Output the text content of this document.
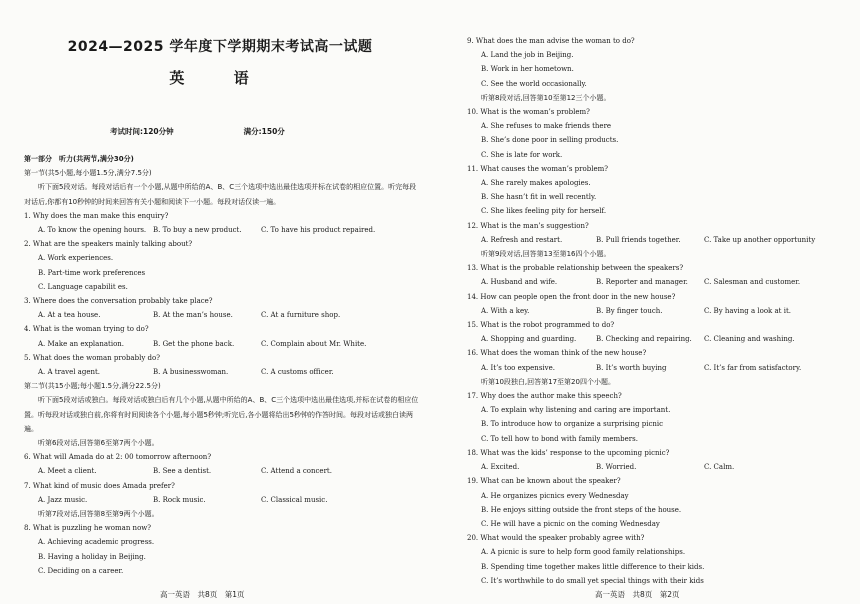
2024—2025 学年度下学期期末考试高一试题
英 语
考试时间:120分钟	满分:150分
第一部分　听力(共两节,满分30分)
第一节(共5小题,每小题1.5分,满分7.5分)
听下面5段对话。每段对话后有一个小题,从题中所给的A、B、C三个选项中选出最佳选项并标在试卷的相应位置。听完每段对话后,你都有10秒钟的时间来回答有关小题和阅读下一小题。每段对话仅读一遍。
1. Why does the man make this enquiry?
A. To know the opening hours. B. To buy a new product.	C. To have his product repaired.
2. What are the speakers mainly talking about?
A. Work experiences.
B. Part-time work preferences
C. Language capabilit es.
3. Where does the conversation probably take place?
A. At a tea house.	B. At the man’s house.	C. At a furniture shop.
4. What is the woman trying to do?
A. Make an explanation.	B. Get the phone back.	C. Complain about Mr. White.
5. What does the woman probably do?
A. A travel agent.	B. A businesswoman.	C. A customs officer.
第二节(共15小题;每小题1.5分,满分22.5分)
听下面5段对话或独白。每段对话或独白后有几个小题,从题中所给的A、B、C三个选项中选出最佳选项,并标在试卷的相应位置。听每段对话或独白前,你将有时间阅读各个小题,每小题5秒钟;听完后,各小题将给出5秒钟的作答时间。每段对话或独白读两遍。
听第6段对话,回答第6至第7两个小题。
6. What will Amada do at 2: 00 tomorrow afternoon?
A. Meet a client.	B. See a dentist.	C. Attend a concert.
7. What kind of music does Amada prefer?
A. Jazz music.	B. Rock music.	C. Classical music.
听第7段对话,回答第8至第9两个小题。
8. What is puzzling he woman now?
A. Achieving academic progress.
B. Having a holiday in Beijing.
C. Deciding on a career.
高一英语　共8页　第1页
9. What does the man advise the woman to do?
A. Land the job in Beijing.
B. Work in her hometown.
C. See the world occasionally.
听第8段对话,回答第10至第12三个小题。
10. What is the woman’s problem?
A. She refuses to make friends there
B. She’s done poor in selling products.
C. She is late for work.
11. What causes the woman’s problem?
A. She rarely makes apologies.
B. She hasn’t fit in well recently.
C. She likes feeling pity for herself.
12. What is the man’s suggestion?
A. Refresh and restart.	B. Pull friends together.	C. Take up another opportunity
听第9段对话,回答第13至第16四个小题。
13. What is the probable relationship between the speakers?
A. Husband and wife.	B. Reporter and manager.	C. Salesman and customer.
14. How can people open the front door in the new house?
A. With a key.	B. By finger touch.	C. By having a look at it.
15. What is the robot programmed to do?
A. Shopping and guarding.	B. Checking and repairing.	C. Cleaning and washing.
16. What does the woman think of the new house?
A. It’s too expensive.	B. It’s worth buying	C. It’s far from satisfactory.
听第10段独白,回答第17至第20四个小题。
17. Why does the author make this speech?
A. To explain why listening and caring are important.
B. To introduce how to organize a surprising picnic
C. To tell how to bond with family members.
18. What was the kids’ response to the upcoming picnic?
A. Excited.	B. Worried.	C. Calm.
19. What can be known about the speaker?
A. He organizes picnics every Wednesday
B. He enjoys sitting outside the front steps of the house.
C. He will have a picnic on the coming Wednesday
20. What would the speaker probably agree with?
A. A picnic is sure to help form good family relationships.
B. Spending time together makes little difference to their kids.
C. It’s worthwhile to do small yet special things with their kids
高一英语　共8页　第2页
